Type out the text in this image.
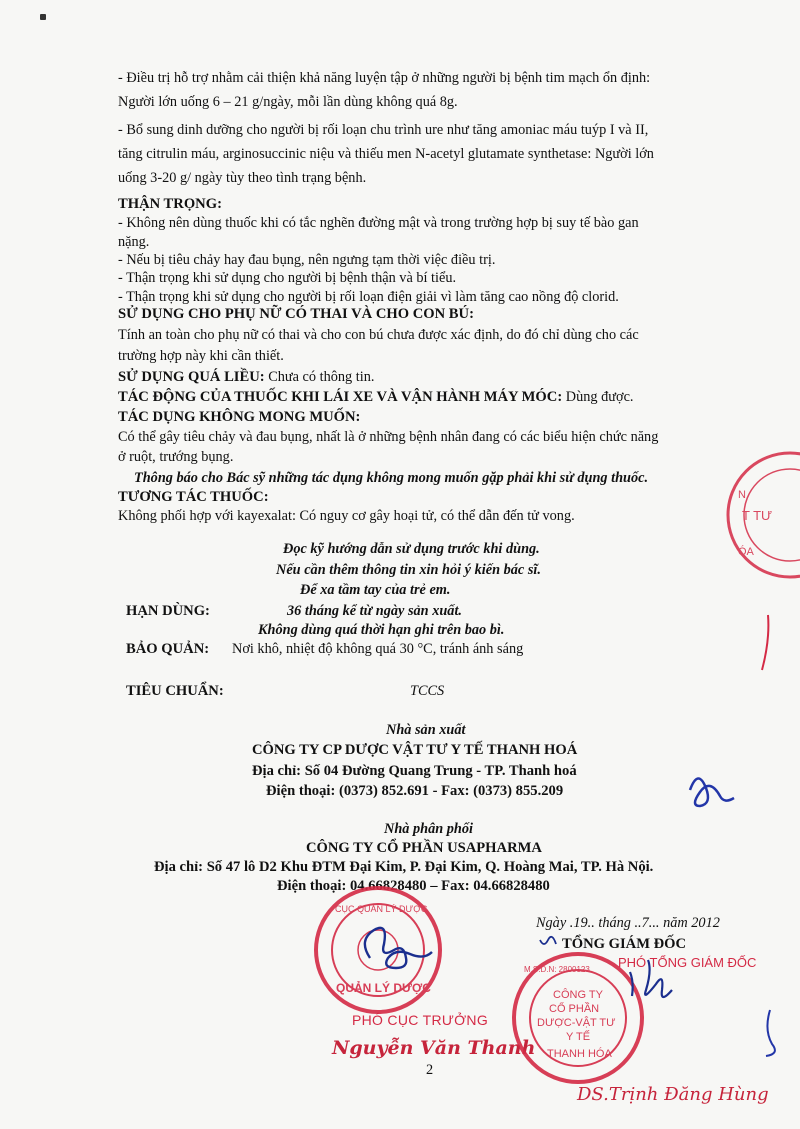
- Điều trị hỗ trợ nhằm cải thiện khả năng luyện tập ở những người bị bệnh tim mạch ổn định:
Người lớn uống 6 – 21 g/ngày, mỗi lần dùng không quá 8g.
- Bổ sung dinh dưỡng cho người bị rối loạn chu trình ure như tăng amoniac máu tuýp I và II,
tăng citrulin máu, arginosuccinic niệu và thiếu men N-acetyl glutamate synthetase: Người lớn
uống 3-20 g/ ngày tùy theo tình trạng bệnh.
THẬN TRỌNG:
- Không nên dùng thuốc khi có tắc nghẽn đường mật và trong trường hợp bị suy tế bào gan
nặng.
- Nếu bị tiêu chảy hay đau bụng, nên ngưng tạm thời việc điều trị.
- Thận trọng khi sử dụng cho người bị bệnh thận và bí tiểu.
- Thận trọng khi sử dụng cho người bị rối loạn điện giải vì làm tăng cao nồng độ clorid.
SỬ DỤNG CHO PHỤ NỮ CÓ THAI VÀ CHO CON BÚ:
Tính an toàn cho phụ nữ có thai và cho con bú chưa được xác định, do đó chỉ dùng cho các
trường hợp này khi cần thiết.
SỬ DỤNG QUÁ LIỀU: Chưa có thông tin.
TÁC ĐỘNG CỦA THUỐC KHI LÁI XE VÀ VẬN HÀNH MÁY MÓC: Dùng được.
TÁC DỤNG KHÔNG MONG MUỐN:
Có thể gây tiêu chảy và đau bụng, nhất là ở những bệnh nhân đang có các biểu hiện chức năng
ở ruột, trướng bụng.
Thông báo cho Bác sỹ những tác dụng không mong muốn gặp phải khi sử dụng thuốc.
TƯƠNG TÁC THUỐC:
Không phối hợp với kayexalat: Có nguy cơ gây hoại tử, có thể dẫn đến tử vong.
Đọc kỹ hướng dẫn sử dụng trước khi dùng.
Nếu cần thêm thông tin xin hỏi ý kiến bác sĩ.
Để xa tầm tay của trẻ em.
HẠN DÙNG:	36 tháng kể từ ngày sản xuất.
Không dùng quá thời hạn ghi trên bao bì.
BẢO QUẢN: Nơi khô, nhiệt độ không quá 30 °C, tránh ánh sáng
TIÊU CHUẨN:	TCCS
Nhà sản xuất
CÔNG TY CP DƯỢC VẬT TƯ Y TẾ THANH HOÁ
Địa chỉ: Số 04 Đường Quang Trung - TP. Thanh hoá
Điện thoại: (0373) 852.691 - Fax: (0373) 855.209
Nhà phân phối
CÔNG TY CỔ PHẦN USAPHARMA
Địa chỉ: Số 47 lô D2 Khu ĐTM Đại Kim, P. Đại Kim, Q. Hoàng Mai, TP. Hà Nội.
Điện thoại: 04.66828480 – Fax: 04.66828480
Ngày .19.. tháng ..7... năm 2012
TỔNG GIÁM ĐỐC
PHÓ TỔNG GIÁM ĐỐC
PHÓ CỤC TRƯỞNG
Nguyễn Văn Thanh
2
DS.Trịnh Đăng Hùng
T TƯ
N
ÓA
QUẢN LÝ DƯỢC
CỤC QUẢN LÝ DƯỢC
M.S.D.N: 2800123
CÔNG TY
CỔ PHẦN
DƯỢC-VẬT TƯ
Y TẾ
THANH HÓA
